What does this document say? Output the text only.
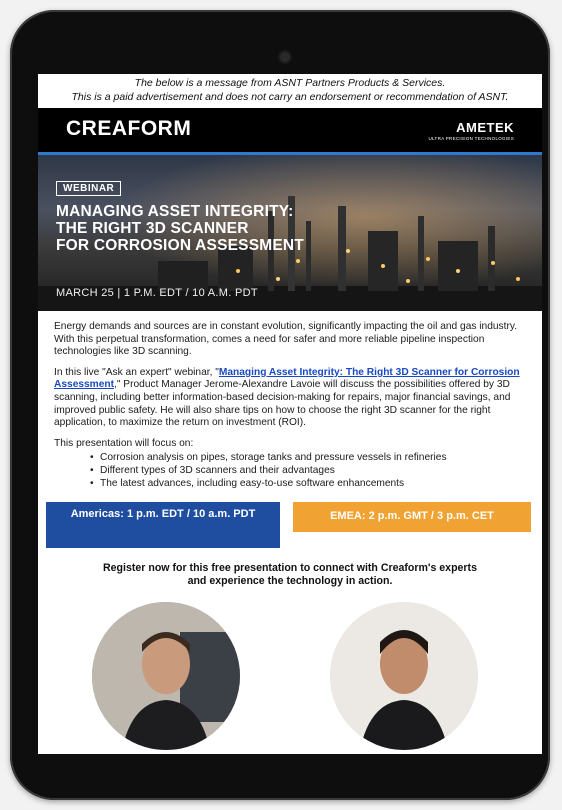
The below is a message from ASNT Partners Products & Services.
This is a paid advertisement and does not carry an endorsement or recommendation of ASNT.
CREAFORM	AMETEK
ULTRA PRECISION TECHNOLOGIES
WEBINAR
MANAGING ASSET INTEGRITY:
THE RIGHT 3D SCANNER
FOR CORROSION ASSESSMENT
MARCH 25 | 1 P.M. EDT / 10 A.M. PDT

Energy demands and sources are in constant evolution, significantly impacting the oil and gas industry. With this perpetual transformation, comes a need for safer and more reliable pipeline inspection technologies like 3D scanning.

In this live "Ask an expert" webinar, "Managing Asset Integrity: The Right 3D Scanner for Corrosion Assessment," Product Manager Jerome-Alexandre Lavoie will discuss the possibilities offered by 3D scanning, including better information-based decision-making for repairs, major financial savings, and improved public safety. He will also share tips on how to choose the right 3D scanner for the right application, to maximize the return on investment (ROI).

This presentation will focus on:

• Corrosion analysis on pipes, storage tanks and pressure vessels in refineries
• Different types of 3D scanners and their advantages
• The latest advances, including easy-to-use software enhancements
Americas: 1 p.m. EDT / 10 a.m. PDT	EMEA: 2 p.m. GMT / 3 p.m. CET
Register now for this free presentation to connect with Creaform's experts
and experience the technology in action.
